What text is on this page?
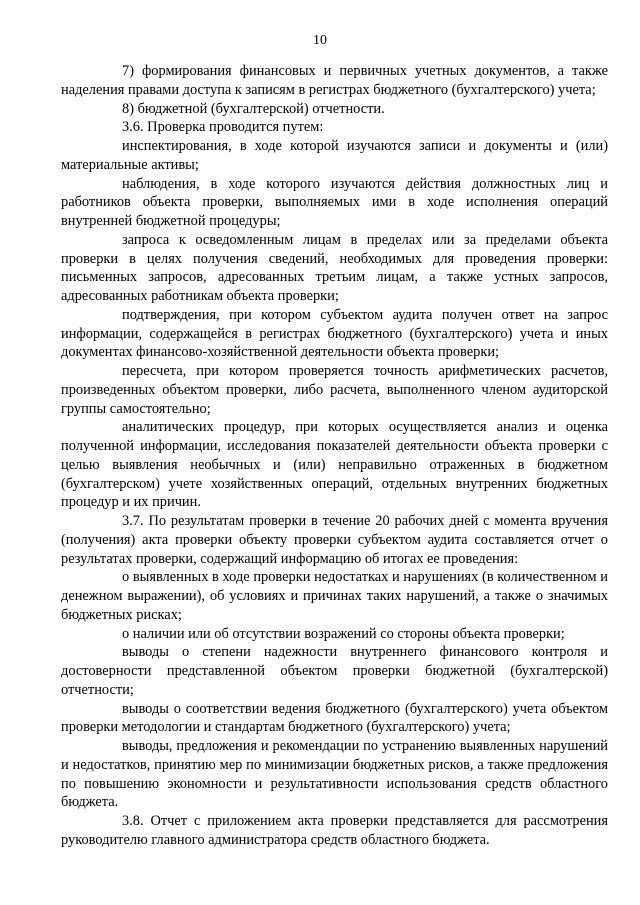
10

7) формирования финансовых и первичных учетных документов, а также наделения правами доступа к записям в регистрах бюджетного (бухгалтерского) учета;

8) бюджетной (бухгалтерской) отчетности.

3.6. Проверка проводится путем:

инспектирования, в ходе которой изучаются записи и документы и (или) материальные активы;

наблюдения, в ходе которого изучаются действия должностных лиц и работников объекта проверки, выполняемых ими в ходе исполнения операций внутренней бюджетной процедуры;

запроса к осведомленным лицам в пределах или за пределами объекта проверки в целях получения сведений, необходимых для проведения проверки: письменных запросов, адресованных третьим лицам, а также устных запросов, адресованных работникам объекта проверки;

подтверждения, при котором субъектом аудита получен ответ на запрос информации, содержащейся в регистрах бюджетного (бухгалтерского) учета и иных документах финансово-хозяйственной деятельности объекта проверки;

пересчета, при котором проверяется точность арифметических расчетов, произведенных объектом проверки, либо расчета, выполненного членом аудиторской группы самостоятельно;

аналитических процедур, при которых осуществляется анализ и оценка полученной информации, исследования показателей деятельности объекта проверки с целью выявления необычных и (или) неправильно отраженных в бюджетном (бухгалтерском) учете хозяйственных операций, отдельных внутренних бюджетных процедур и их причин.

3.7. По результатам проверки в течение 20 рабочих дней с момента вручения (получения) акта проверки объекту проверки субъектом аудита составляется отчет о результатах проверки, содержащий информацию об итогах ее проведения:

о выявленных в ходе проверки недостатках и нарушениях (в количественном и денежном выражении), об условиях и причинах таких нарушений, а также о значимых бюджетных рисках;

о наличии или об отсутствии возражений со стороны объекта проверки;

выводы о степени надежности внутреннего финансового контроля и достоверности представленной объектом проверки бюджетной (бухгалтерской) отчетности;

выводы о соответствии ведения бюджетного (бухгалтерского) учета объектом проверки методологии и стандартам бюджетного (бухгалтерского) учета;

выводы, предложения и рекомендации по устранению выявленных нарушений и недостатков, принятию мер по минимизации бюджетных рисков, а также предложения по повышению экономности и результативности использования средств областного бюджета.

3.8. Отчет с приложением акта проверки представляется для рассмотрения руководителю главного администратора средств областного бюджета.
